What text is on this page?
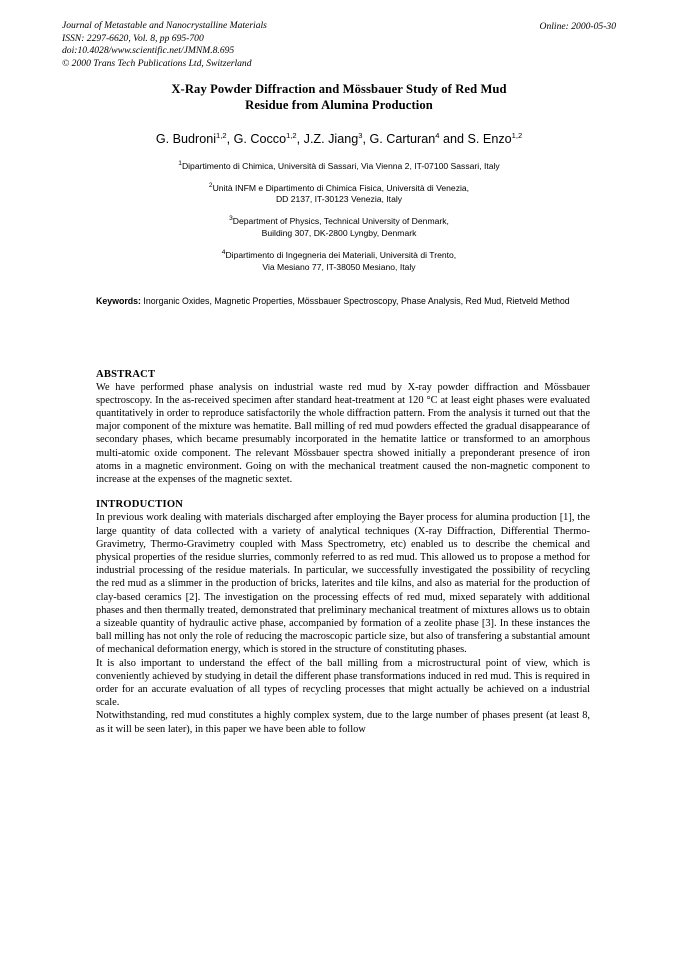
Journal of Metastable and Nanocrystalline Materials
ISSN: 2297-6620, Vol. 8, pp 695-700
doi:10.4028/www.scientific.net/JMNM.8.695
© 2000 Trans Tech Publications Ltd, Switzerland
Online: 2000-05-30
X-Ray Powder Diffraction and Mössbauer Study of Red Mud
Residue from Alumina Production
G. Budroni$^{1,2}$, G. Cocco$^{1,2}$, J.Z. Jiang$^3$, G. Carturan$^4$ and S. Enzo$^{1,2}$
$^1$Dipartimento di Chimica, Università di Sassari, Via Vienna 2, IT-07100 Sassari, Italy
$^2$Unità INFM e Dipartimento di Chimica Fisica, Università di Venezia,
DD 2137, IT-30123 Venezia, Italy
$^3$Department of Physics, Technical University of Denmark,
Building 307, DK-2800 Lyngby, Denmark
$^4$Dipartimento di Ingegneria dei Materiali, Università di Trento,
Via Mesiano 77, IT-38050 Mesiano, Italy
Keywords: Inorganic Oxides, Magnetic Properties, Mössbauer Spectroscopy, Phase Analysis, Red Mud, Rietveld Method
ABSTRACT

We have performed phase analysis on industrial waste red mud by X-ray powder diffraction and Mössbauer spectroscopy. In the as-received specimen after standard heat-treatment at 120 °C at least eight phases were evaluated quantitatively in order to reproduce satisfactorily the whole diffraction pattern. From the analysis it turned out that the major component of the mixture was hematite. Ball milling of red mud powders effected the gradual disappearance of secondary phases, which became presumably incorporated in the hematite lattice or transformed to an amorphous multi-atomic oxide component. The relevant Mössbauer spectra showed initially a preponderant presence of iron atoms in a magnetic environment. Going on with the mechanical treatment caused the non-magnetic component to increase at the expenses of the magnetic sextet.

INTRODUCTION

In previous work dealing with materials discharged after employing the Bayer process for alumina production [1], the large quantity of data collected with a variety of analytical techniques (X-ray Diffraction, Differential Thermo-Gravimetry, Thermo-Gravimetry coupled with Mass Spectrometry, etc) enabled us to describe the chemical and physical properties of the residue slurries, commonly referred to as red mud. This allowed us to propose a method for industrial processing of the residue materials. In particular, we successfully investigated the possibility of recycling the red mud as a slimmer in the production of bricks, laterites and tile kilns, and also as material for the production of clay-based ceramics [2]. The investigation on the processing effects of red mud, mixed separately with additional phases and then thermally treated, demonstrated that preliminary mechanical treatment of mixtures allows us to obtain a sizeable quantity of hydraulic active phase, accompanied by formation of a zeolite phase [3]. In these instances the ball milling has not only the role of reducing the macroscopic particle size, but also of transfering a substantial amount of mechanical deformation energy, which is stored in the structure of constituting phases.

It is also important to understand the effect of the ball milling from a microstructural point of view, which is conveniently achieved by studying in detail the different phase transformations induced in red mud. This is required in order for an accurate evaluation of all types of recycling processes that might actually be achieved on a industrial scale.

Notwithstanding, red mud constitutes a highly complex system, due to the large number of phases present (at least 8, as it will be seen later), in this paper we have been able to follow
